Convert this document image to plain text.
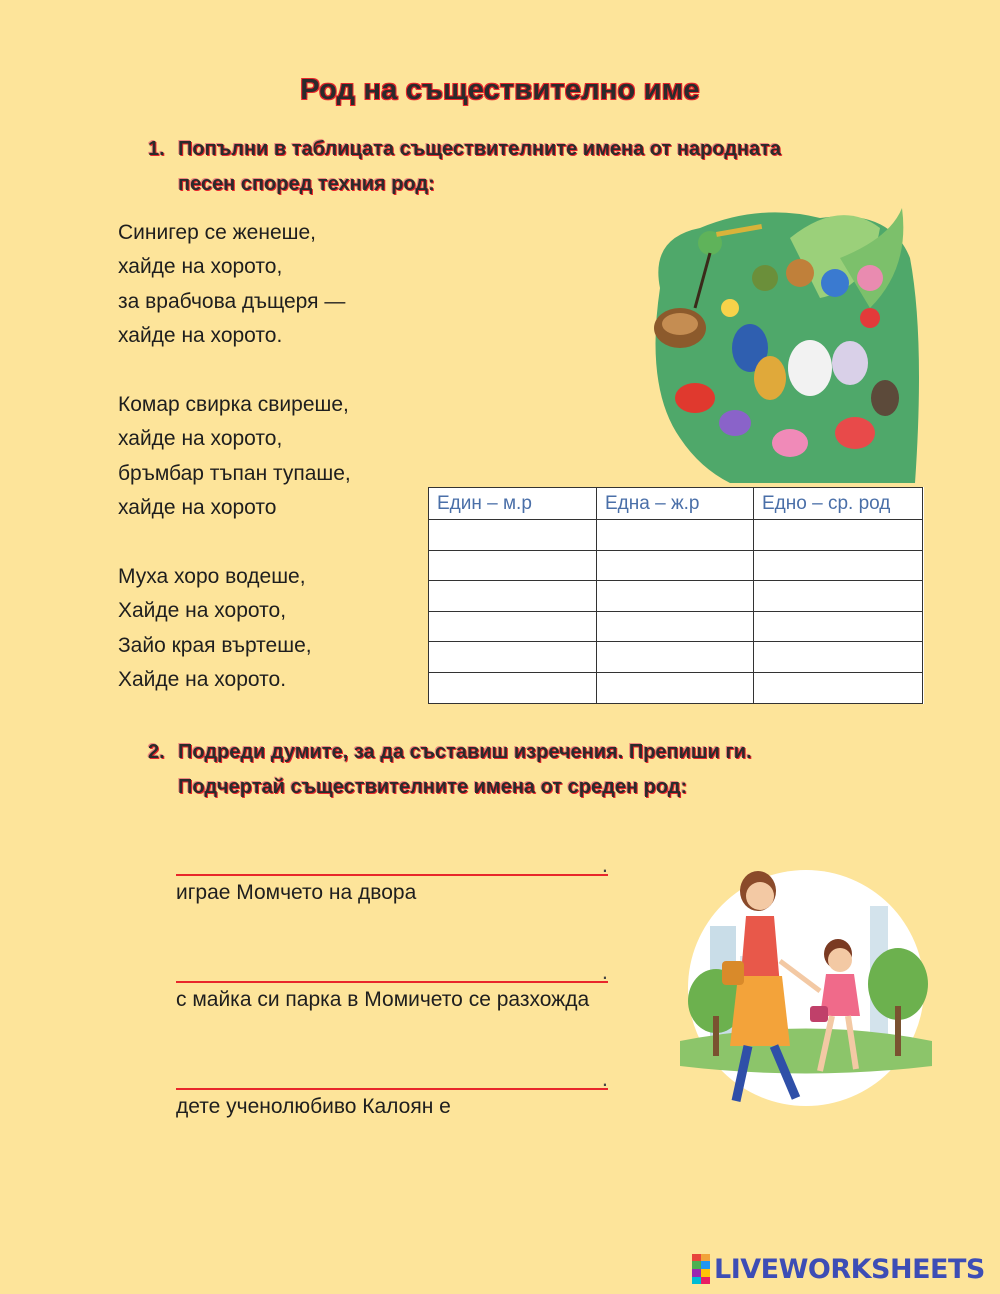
Род на съществително име
1. Попълни в таблицата съществителните имена от народната
песен според техния род:
Синигер се женеше,
хайде на хорото,
за врабчова дъщеря —
хайде на хорото.
Комар свирка свиреше,
хайде на хорото,
бръмбар тъпан тупаше,
хайде на хорото
Муха хоро водеше,
Хайде на хорото,
Зайо края въртеше,
Хайде на хорото.
Един – м.р	Една – ж.р	Едно – ср. род

2. Подреди думите, за да съставиш изречения. Препиши ги.
Подчертай съществителните имена от среден род:
.
играе Момчето на двора
.
с майка си парка в Момичето се разхожда
.
дете ученолюбиво Калоян е
LIVEWORKSHEETS
